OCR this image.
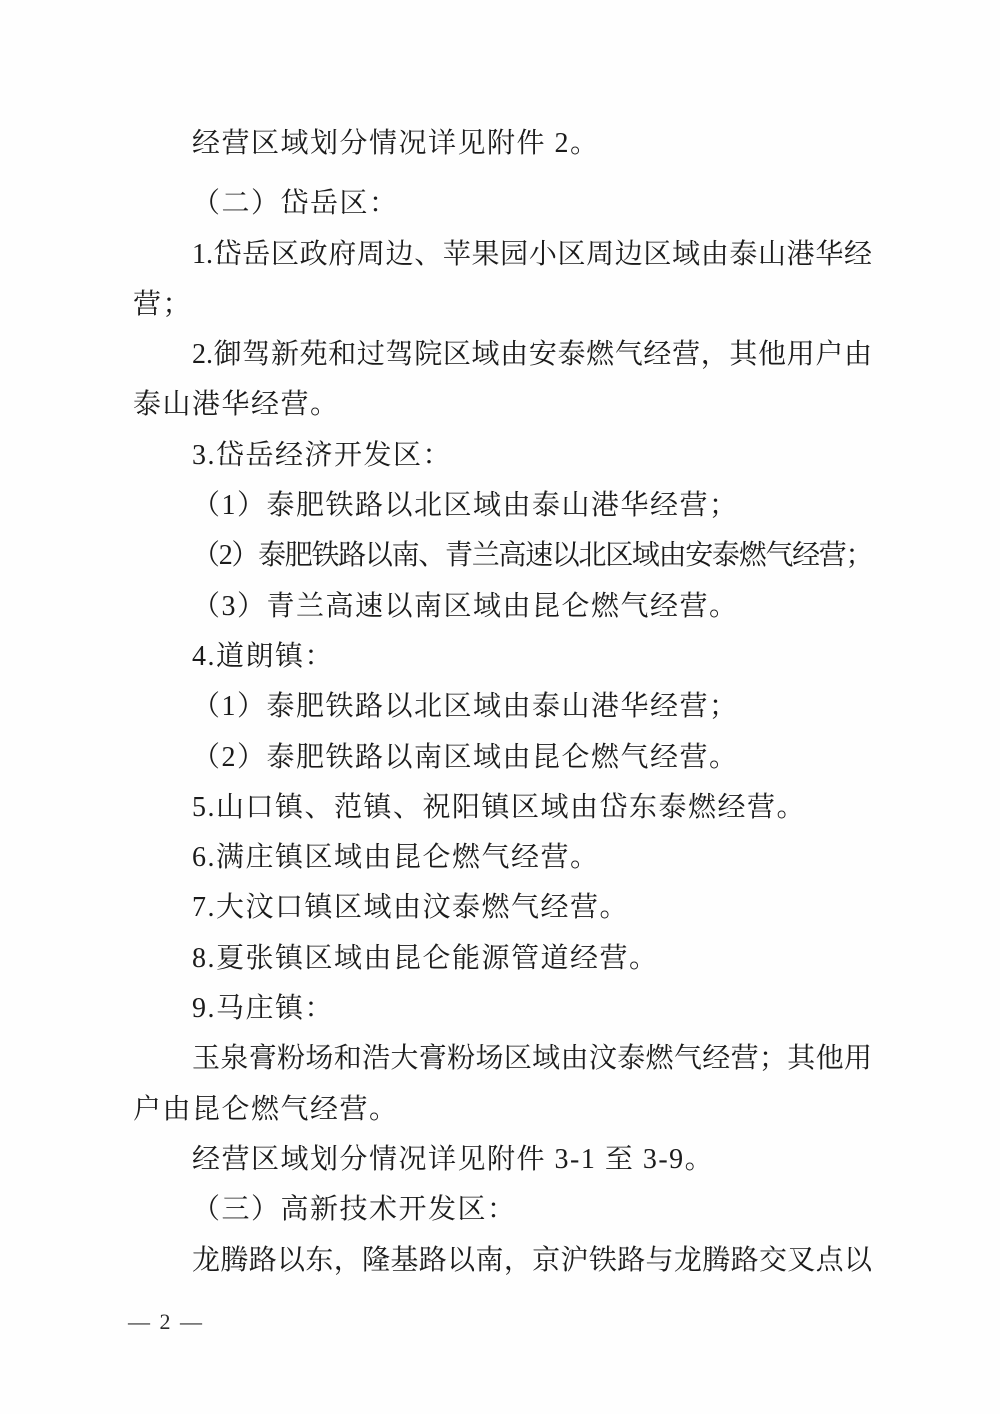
经营区域划分情况详见附件 2。
（二）岱岳区：
1.岱岳区政府周边、苹果园小区周边区域由泰山港华经
营；
2.御驾新苑和过驾院区域由安泰燃气经营，其他用户由
泰山港华经营。
3.岱岳经济开发区：
（1）泰肥铁路以北区域由泰山港华经营；
（2）泰肥铁路以南、青兰高速以北区域由安泰燃气经营；
（3）青兰高速以南区域由昆仑燃气经营。
4.道朗镇：
（1）泰肥铁路以北区域由泰山港华经营；
（2）泰肥铁路以南区域由昆仑燃气经营。
5.山口镇、范镇、祝阳镇区域由岱东泰燃经营。
6.满庄镇区域由昆仑燃气经营。
7.大汶口镇区域由汶泰燃气经营。
8.夏张镇区域由昆仑能源管道经营。
9.马庄镇：
玉泉膏粉场和浩大膏粉场区域由汶泰燃气经营；其他用
户由昆仑燃气经营。
经营区域划分情况详见附件 3-1 至 3-9。
（三）高新技术开发区：
龙腾路以东，隆基路以南，京沪铁路与龙腾路交叉点以
— 2 —
